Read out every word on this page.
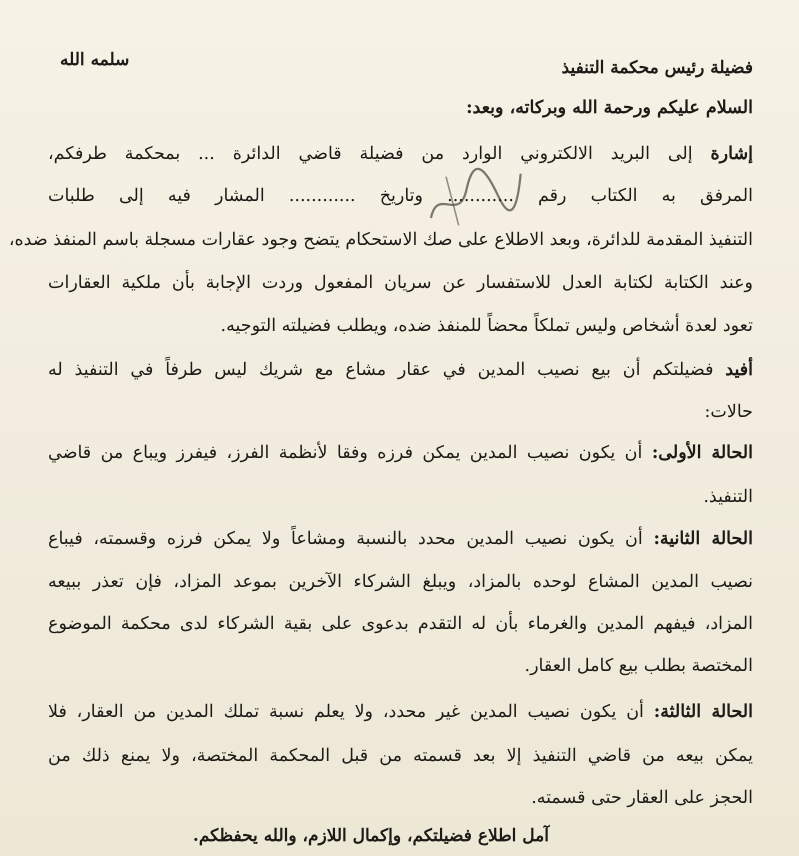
فضيلة رئيس محكمة التنفيذ
سلمه الله
السلام عليكم ورحمة الله وبركاته، وبعد:
إشارة إلى البريد الالكتروني الوارد من فضيلة قاضي الدائرة ... بمحكمة طرفكم،
المرفق به الكتاب رقم ............ وتاريخ ............ المشار فيه إلى طلبات
التنفيذ المقدمة للدائرة، وبعد الاطلاع على صك الاستحكام يتضح وجود عقارات مسجلة باسم المنفذ ضده،
وعند الكتابة لكتابة العدل للاستفسار عن سريان المفعول وردت الإجابة بأن ملكية العقارات
تعود لعدة أشخاص وليس تملكاً محضاً للمنفذ ضده، ويطلب فضيلته التوجيه.
أفيد فضيلتكم أن بيع نصيب المدين في عقار مشاع مع شريك ليس طرفاً في التنفيذ له
حالات:
الحالة الأولى: أن يكون نصيب المدين يمكن فرزه وفقا لأنظمة الفرز، فيفرز ويباع من قاضي
التنفيذ.
الحالة الثانية: أن يكون نصيب المدين محدد بالنسبة ومشاعاً ولا يمكن فرزه وقسمته، فيباع
نصيب المدين المشاع لوحده بالمزاد، ويبلغ الشركاء الآخرين بموعد المزاد، فإن تعذر ببيعه
المزاد، فيفهم المدين والغرماء بأن له التقدم بدعوى على بقية الشركاء لدى محكمة الموضوع
المختصة بطلب بيع كامل العقار.
الحالة الثالثة: أن يكون نصيب المدين غير محدد، ولا يعلم نسبة تملك المدين من العقار، فلا
يمكن بيعه من قاضي التنفيذ إلا بعد قسمته من قبل المحكمة المختصة، ولا يمنع ذلك من
الحجز على العقار حتى قسمته.
آمل اطلاع فضيلتكم، وإكمال اللازم، والله يحفظكم.
